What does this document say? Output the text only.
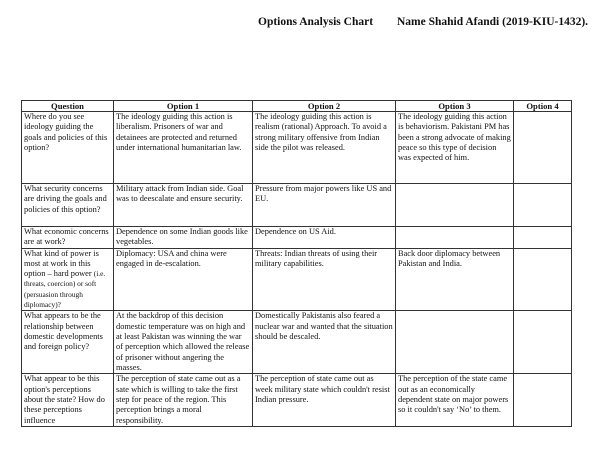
Options Analysis Chart Name Shahid Afandi (2019-KIU-1432).
Question	Option 1	Option 2	Option 3	Option 4
Where do you see ideology guiding the goals and policies of this option?	The ideology guiding this action is liberalism. Prisoners of war and detainees are protected and returned under international humanitarian law.	The ideology guiding this action is realism (rational) Approach. To avoid a strong military offensive from Indian side the pilot was released.	The ideology guiding this action is behaviorism. Pakistani PM has been a strong advocate of making peace so this type of decision was expected of him.	
What security concerns are driving the goals and policies of this option?	Military attack from Indian side. Goal was to deescalate and ensure security.	Pressure from major powers like US and EU.		
What economic concerns are at work?	Dependence on some Indian goods like vegetables.	Dependence on US Aid.		
What kind of power is most at work in this option – hard power (i.e. threats, coercion) or soft (persuasion through diplomacy)?	Diplomacy: USA and china were engaged in de-escalation.	Threats: Indian threats of using their military capabilities.	Back door diplomacy between Pakistan and India.	
What appears to be the relationship between domestic developments and foreign policy?	At the backdrop of this decision domestic temperature was on high and at least Pakistan was winning the war of perception which allowed the release of prisoner without angering the masses.	Domestically Pakistanis also feared a nuclear war and wanted that the situation should be descaled.		
What appear to be this option's perceptions about the state? How do these perceptions influence	The perception of state came out as a sate which is willing to take the first step for peace of the region. This perception brings a moral responsibility.	The perception of state came out as week military state which couldn't resist Indian pressure.	The perception of the state came out as an economically dependent state on major powers so it couldn't say ‘No’ to them.	
